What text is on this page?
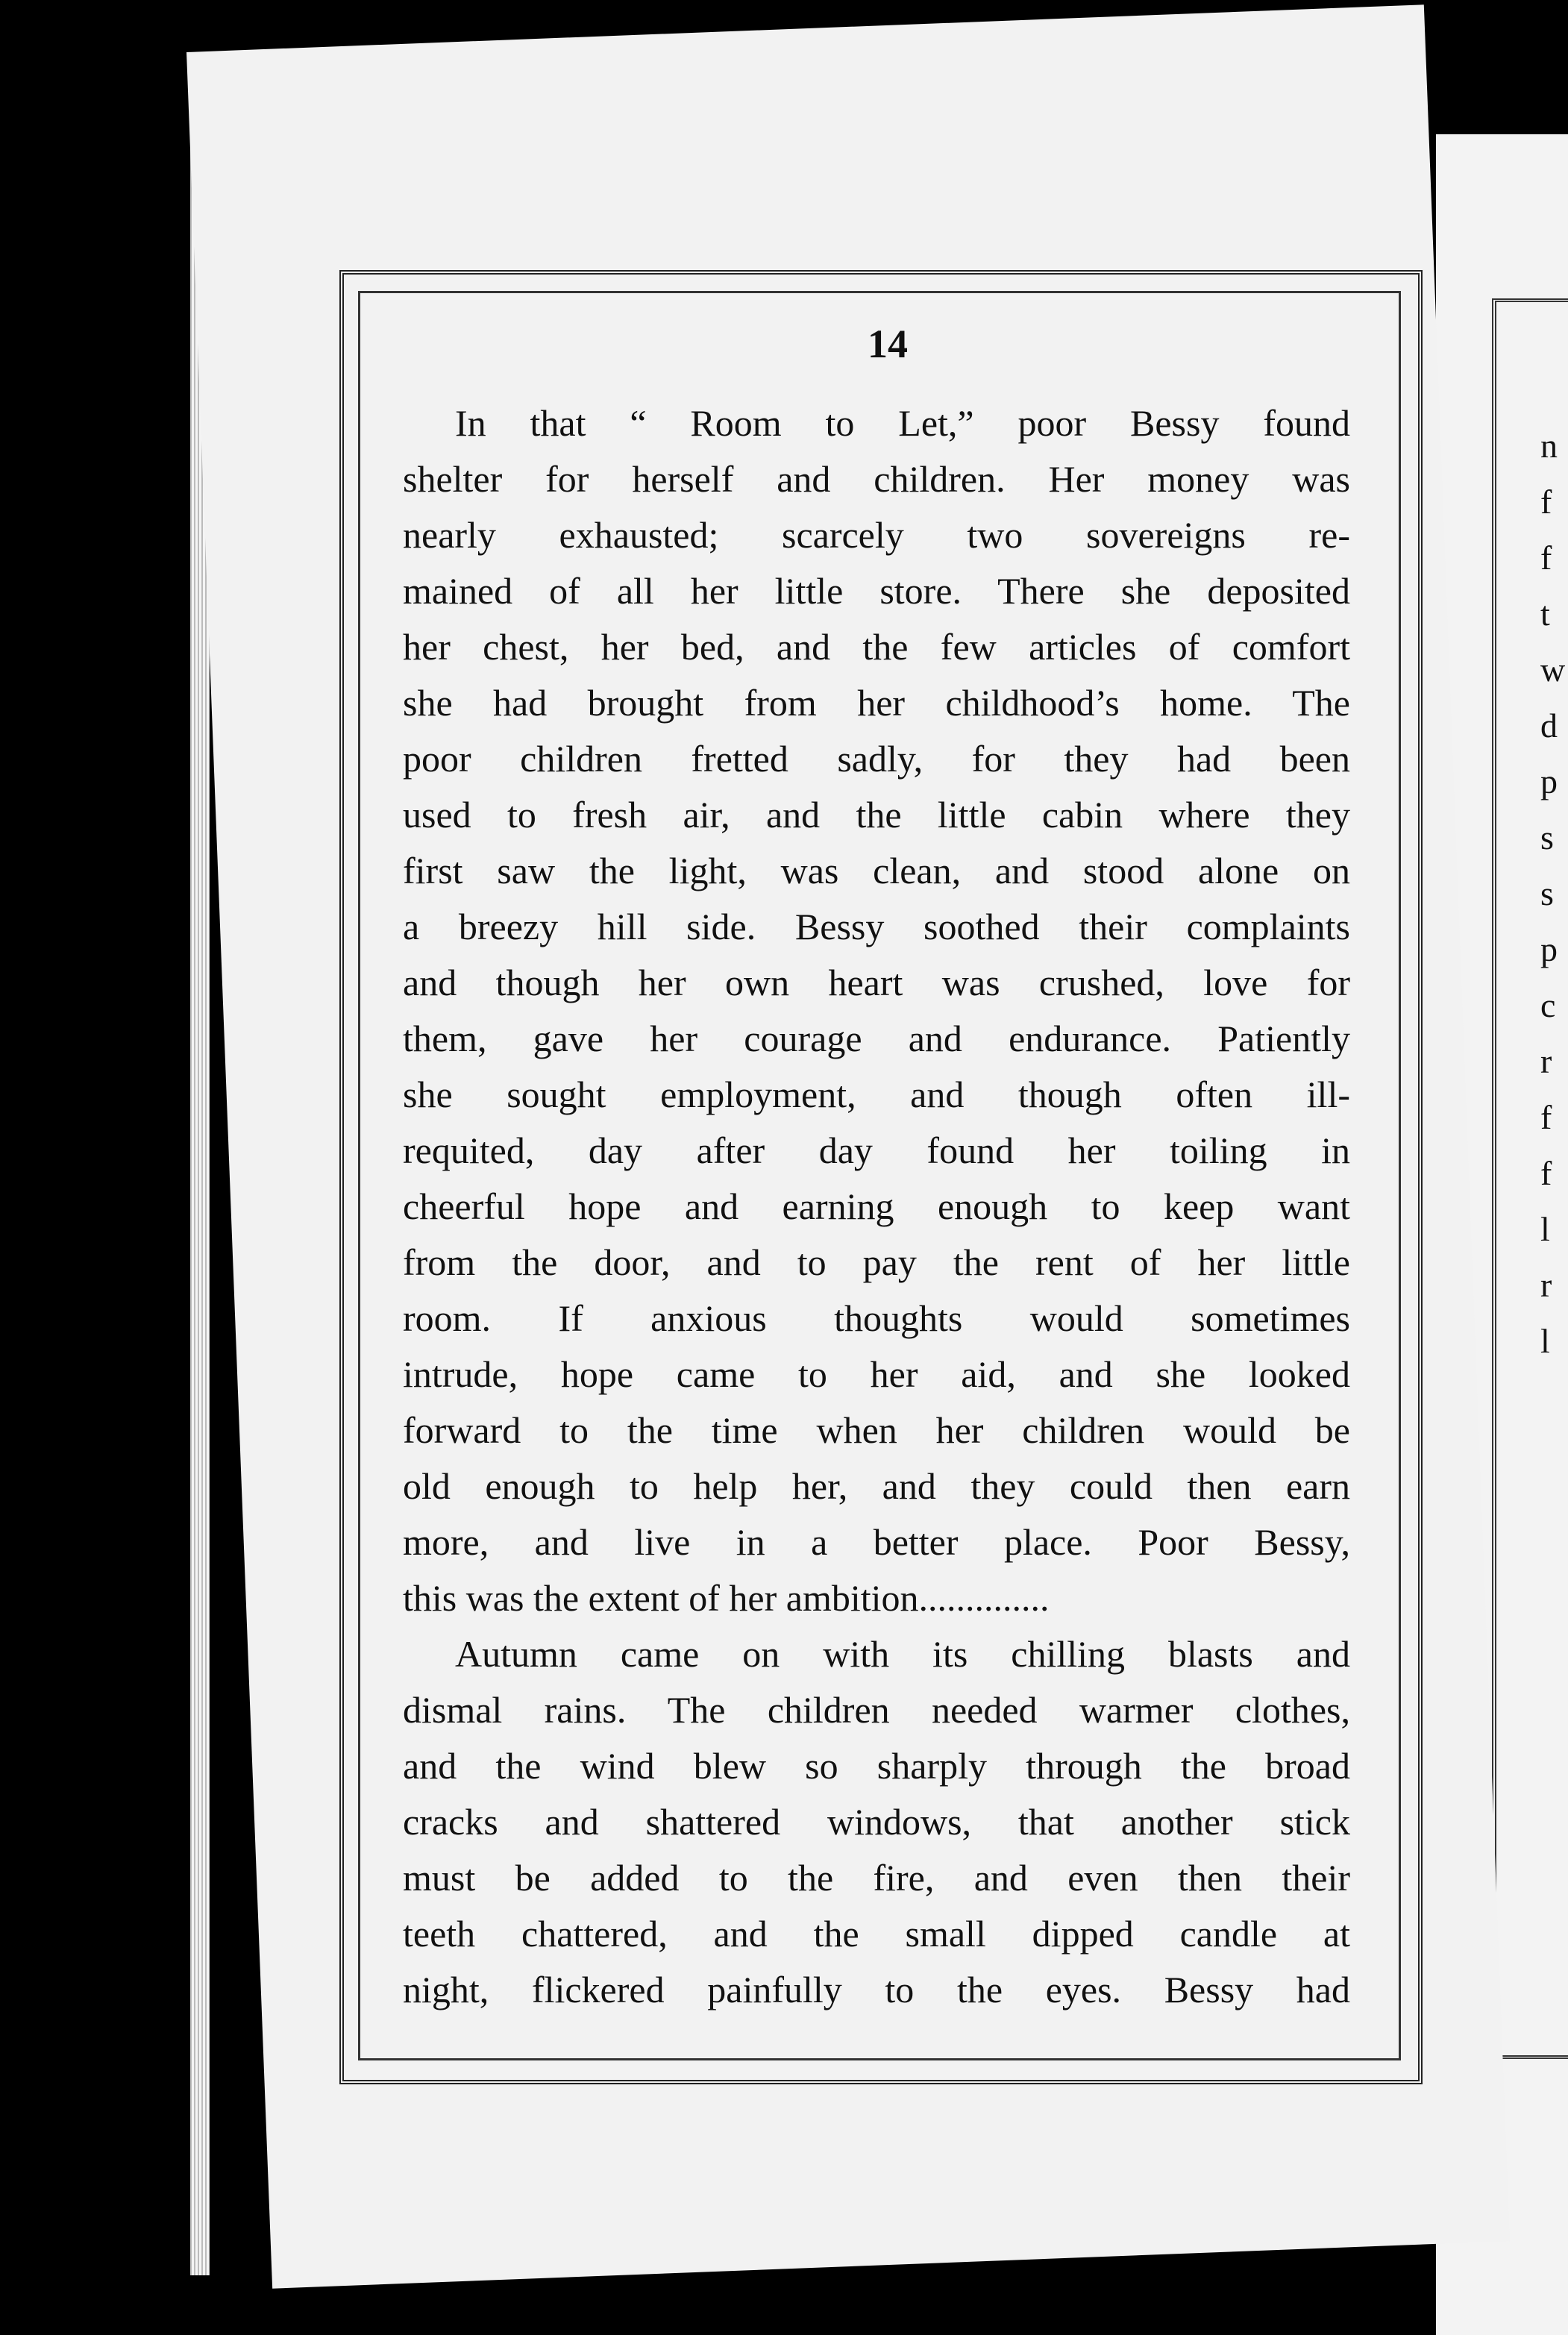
n
f
f
t
w
d
p
s
s
p
c
r
f
f
l
r
l
14
In that “ Room to Let,” poor Bessy found
shelter for herself and children. Her money was
nearly exhausted; scarcely two sovereigns re-
mained of all her little store. There she deposited
her chest, her bed, and the few articles of comfort
she had brought from her childhood’s home. The
poor children fretted sadly, for they had been
used to fresh air, and the little cabin where they
first saw the light, was clean, and stood alone on
a breezy hill side. Bessy soothed their complaints
and though her own heart was crushed, love for
them, gave her courage and endurance. Patiently
she sought employment, and though often ill-
requited, day after day found her toiling in
cheerful hope and earning enough to keep want
from the door, and to pay the rent of her little
room. If anxious thoughts would sometimes
intrude, hope came to her aid, and she looked
forward to the time when her children would be
old enough to help her, and they could then earn
more, and live in a better place. Poor Bessy,
this was the extent of her ambition..............
Autumn came on with its chilling blasts and
dismal rains. The children needed warmer clothes,
and the wind blew so sharply through the broad
cracks and shattered windows, that another stick
must be added to the fire, and even then their
teeth chattered, and the small dipped candle at
night, flickered painfully to the eyes. Bessy had
